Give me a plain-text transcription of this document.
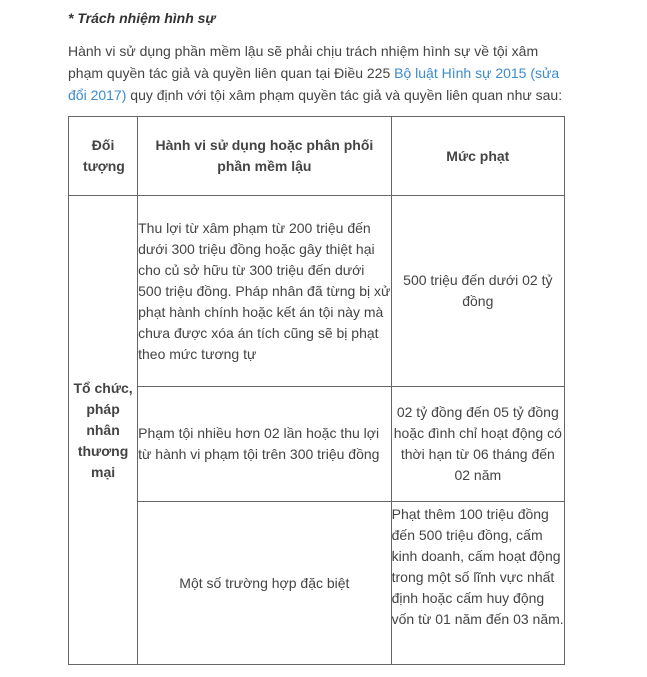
* Trách nhiệm hình sự

Hành vi sử dụng phần mềm lậu sẽ phải chịu trách nhiệm hình sự về tội xâm phạm quyền tác giả và quyền liên quan tại Điều 225 Bộ luật Hình sự 2015 (sửa đổi 2017) quy định với tội xâm phạm quyền tác giả và quyền liên quan như sau:

Đối tượng	Hành vi sử dụng hoặc phân phối phần mềm lậu	Mức phạt

Tổ chức, pháp nhân thương mại	Thu lợi từ xâm phạm từ 200 triệu đến dưới 300 triệu đồng hoặc gây thiệt hại cho củ sở hữu từ 300 triệu đến dưới 500 triệu đồng. Pháp nhân đã từng bị xử phạt hành chính hoặc kết án tội này mà chưa được xóa án tích cũng sẽ bị phạt theo mức tương tự	500 triệu đến dưới 02 tỷ đồng

	Phạm tội nhiều hơn 02 lần hoặc thu lợi từ hành vi phạm tội trên 300 triệu đồng	02 tỷ đồng đến 05 tỷ đồng hoặc đình chỉ hoạt động có thời hạn từ 06 tháng đến 02 năm

	Một số trường hợp đặc biệt	Phạt thêm 100 triệu đồng đến 500 triệu đồng, cấm kinh doanh, cấm hoạt động trong một số lĩnh vực nhất định hoặc cấm huy động vốn từ 01 năm đến 03 năm.
